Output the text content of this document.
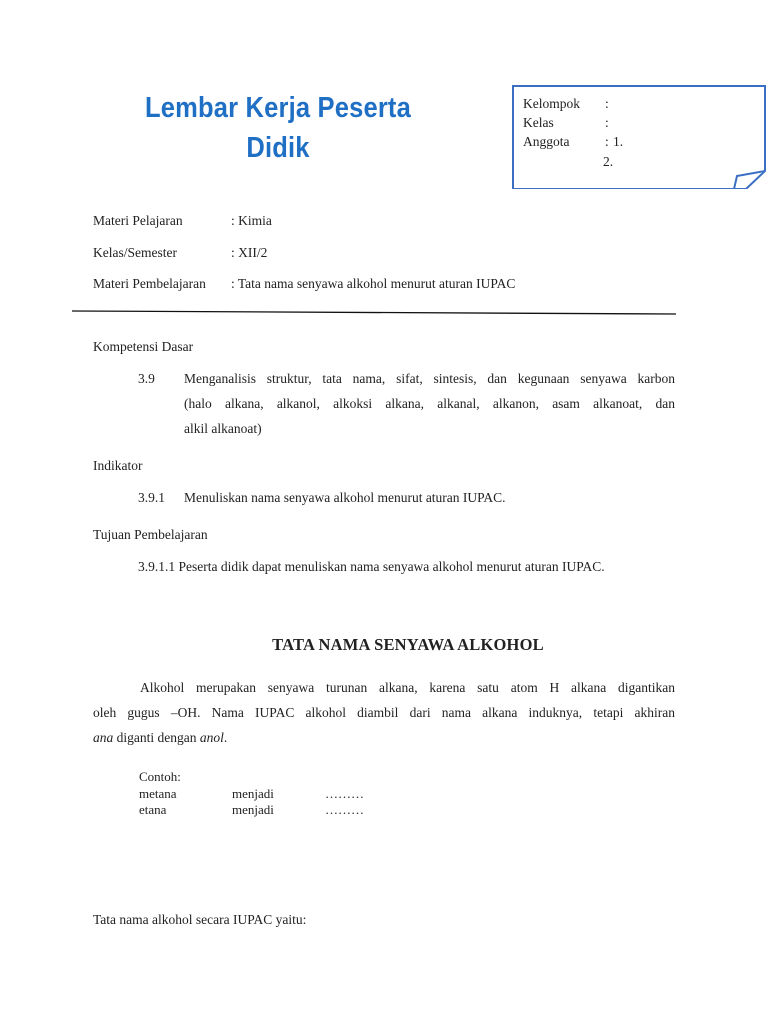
Lembar Kerja Peserta
Didik
Kelompok :
Kelas	:
Anggota	: 1.
2.
Materi Pelajaran	: Kimia
Kelas/Semester	: XII/2
Materi Pembelajaran : Tata nama senyawa alkohol menurut aturan IUPAC
Kompetensi Dasar
3.9 Menganalisis struktur, tata nama, sifat, sintesis, dan kegunaan senyawa karbon
(halo alkana, alkanol, alkoksi alkana, alkanal, alkanon, asam alkanoat, dan
alkil alkanoat)
Indikator
3.9.1 Menuliskan nama senyawa alkohol menurut aturan IUPAC.
Tujuan Pembelajaran
3.9.1.1 Peserta didik dapat menuliskan nama senyawa alkohol menurut aturan IUPAC.
TATA NAMA SENYAWA ALKOHOL
Alkohol merupakan senyawa turunan alkana, karena satu atom H alkana digantikan
oleh gugus –OH. Nama IUPAC alkohol diambil dari nama alkana induknya, tetapi akhiran
ana diganti dengan anol.
Contoh:
metana	menjadi	………
etana	menjadi	………
Tata nama alkohol secara IUPAC yaitu:
